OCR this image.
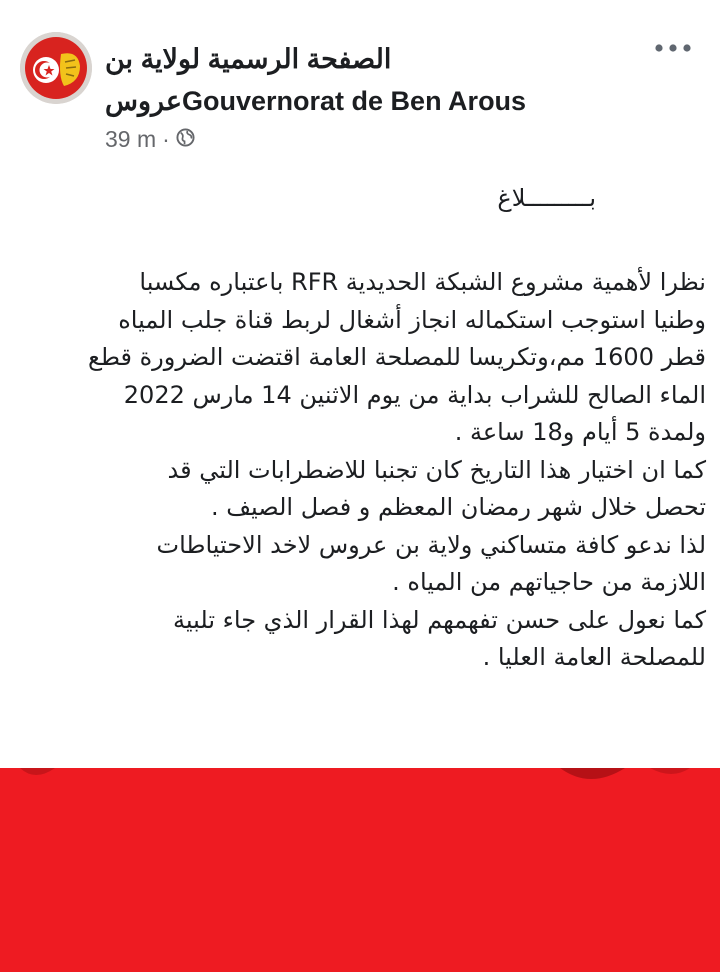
الصفحة الرسمية لولاية بن
عروسGouvernorat de Ben Arous
39 m ·
بـــــــــلاغ
نظرا لأهمية مشروع الشبكة الحديدية RFR باعتباره مكسبا
وطنيا استوجب استكماله انجاز أشغال لربط قناة جلب المياه
قطر 1600 مم،وتكريسا للمصلحة العامة اقتضت الضرورة قطع
الماء الصالح للشراب بداية من يوم الاثنين 14 مارس 2022
ولمدة 5 أيام و18 ساعة .
كما ان اختيار هذا التاريخ كان تجنبا للاضطرابات التي قد
تحصل خلال شهر رمضان المعظم و فصل الصيف .
لذا ندعو كافة متساكني ولاية بن عروس لاخد الاحتياطات
اللازمة من حاجياتهم من المياه .
كما نعول على حسن تفهمهم لهذا القرار الذي جاء تلبية
للمصلحة العامة العليا .
